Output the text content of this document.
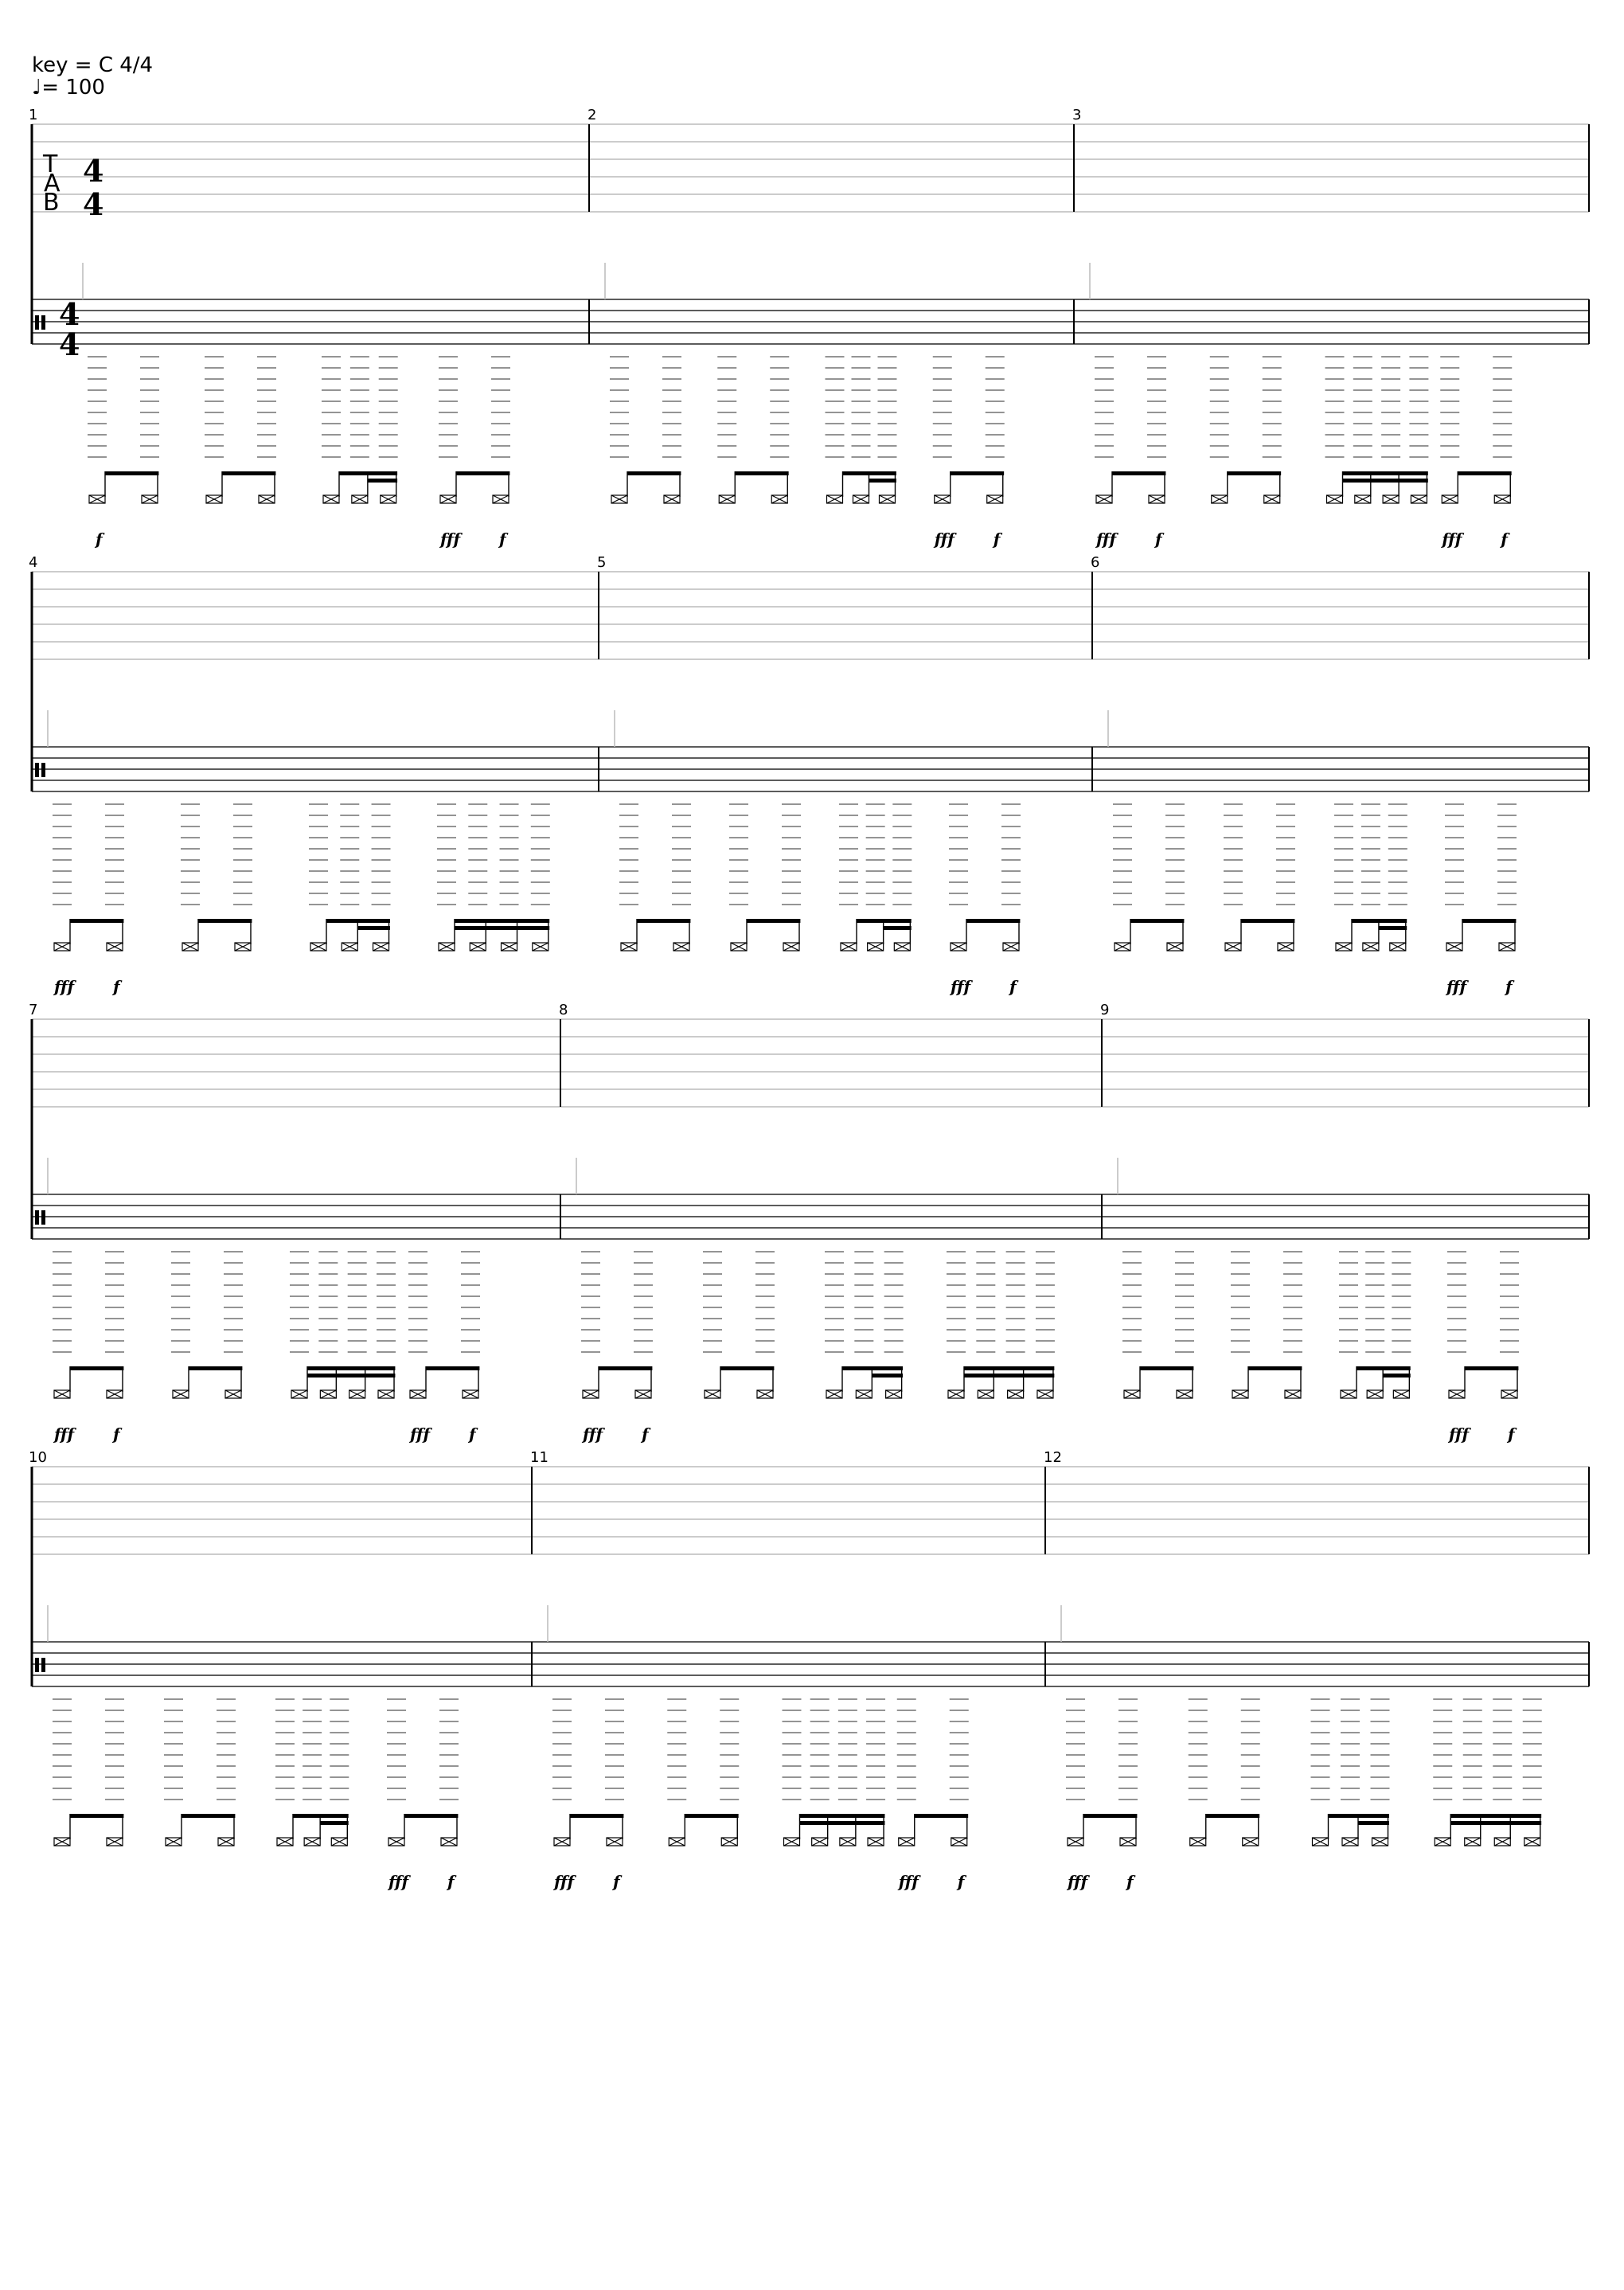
key = C 4/4
♩= 100
T
A
B
4
4
4
4
1
f	fff f
2
fff f
3
fff f	fff f
4
fff f
5
fff f
6
fff f
7
fff f	fff f
8
fff f
9
fff f
10
fff f
11
fff f	fff f
12
fff f
